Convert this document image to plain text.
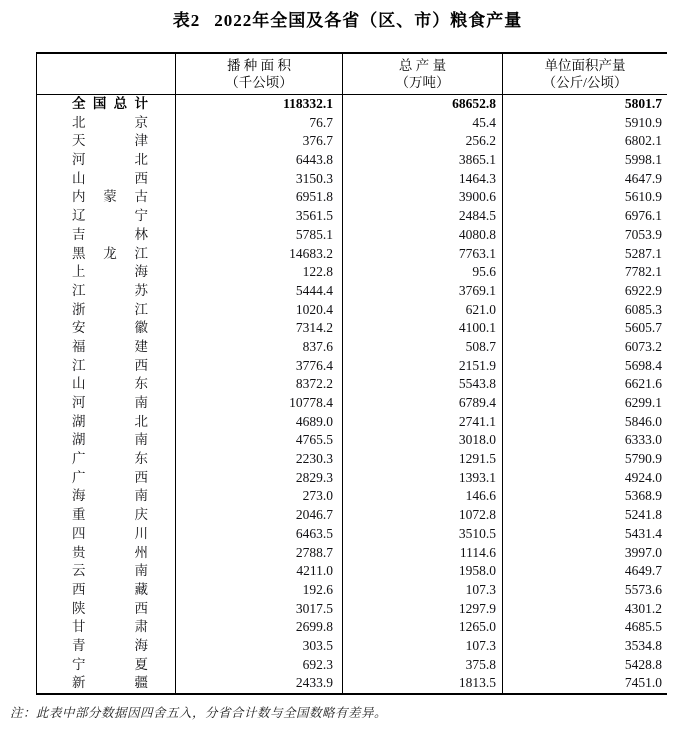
表2 2022年全国及各省（区、市）粮食产量
播 种 面 积
（千公顷）
总 产 量
（万吨）
单位面积产量
（公斤/公顷）
全国总计	118332.1	68652.8	5801.7
北京	76.7	45.4	5910.9
天津	376.7	256.2	6802.1
河北	6443.8	3865.1	5998.1
山西	3150.3	1464.3	4647.9
内蒙古	6951.8	3900.6	5610.9
辽宁	3561.5	2484.5	6976.1
吉林	5785.1	4080.8	7053.9
黑龙江	14683.2	7763.1	5287.1
上海	122.8	95.6	7782.1
江苏	5444.4	3769.1	6922.9
浙江	1020.4	621.0	6085.3
安徽	7314.2	4100.1	5605.7
福建	837.6	508.7	6073.2
江西	3776.4	2151.9	5698.4
山东	8372.2	5543.8	6621.6
河南	10778.4	6789.4	6299.1
湖北	4689.0	2741.1	5846.0
湖南	4765.5	3018.0	6333.0
广东	2230.3	1291.5	5790.9
广西	2829.3	1393.1	4924.0
海南	273.0	146.6	5368.9
重庆	2046.7	1072.8	5241.8
四川	6463.5	3510.5	5431.4
贵州	2788.7	1114.6	3997.0
云南	4211.0	1958.0	4649.7
西藏	192.6	107.3	5573.6
陕西	3017.5	1297.9	4301.2
甘肃	2699.8	1265.0	4685.5
青海	303.5	107.3	3534.8
宁夏	692.3	375.8	5428.8
新疆	2433.9	1813.5	7451.0
注：此表中部分数据因四舍五入，分省合计数与全国数略有差异。
